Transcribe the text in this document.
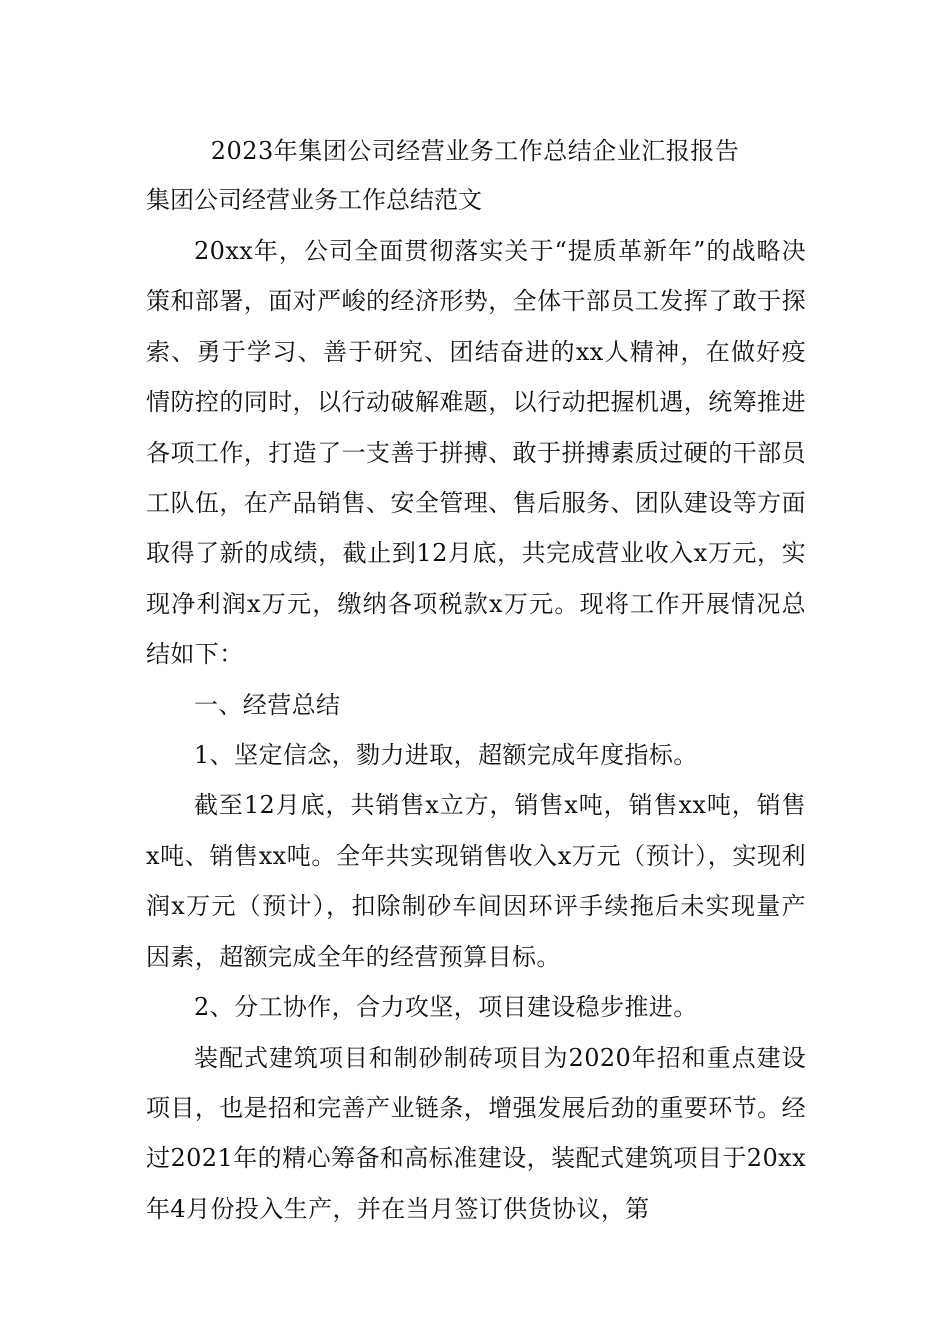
2023年集团公司经营业务工作总结企业汇报报告
集团公司经营业务工作总结范文

20xx年，公司全面贯彻落实关于“提质革新年”的战略决策和部署，面对严峻的经济形势，全体干部员工发挥了敢于探索、勇于学习、善于研究、团结奋进的xx人精神，在做好疫情防控的同时，以行动破解难题，以行动把握机遇，统筹推进各项工作，打造了一支善于拼搏、敢于拼搏素质过硬的干部员工队伍，在产品销售、安全管理、售后服务、团队建设等方面取得了新的成绩，截止到12月底，共完成营业收入x万元，实现净利润x万元，缴纳各项税款x万元。现将工作开展情况总结如下：

一、经营总结

1、坚定信念，勠力进取，超额完成年度指标。

截至12月底，共销售x立方，销售x吨，销售xx吨，销售x吨、销售xx吨。全年共实现销售收入x万元（预计），实现利润x万元（预计），扣除制砂车间因环评手续拖后未实现量产因素，超额完成全年的经营预算目标。

2、分工协作，合力攻坚，项目建设稳步推进。

装配式建筑项目和制砂制砖项目为2020年招和重点建设项目，也是招和完善产业链条，增强发展后劲的重要环节。经过2021年的精心筹备和高标准建设，装配式建筑项目于20xx年4月份投入生产，并在当月签订供货协议，第
